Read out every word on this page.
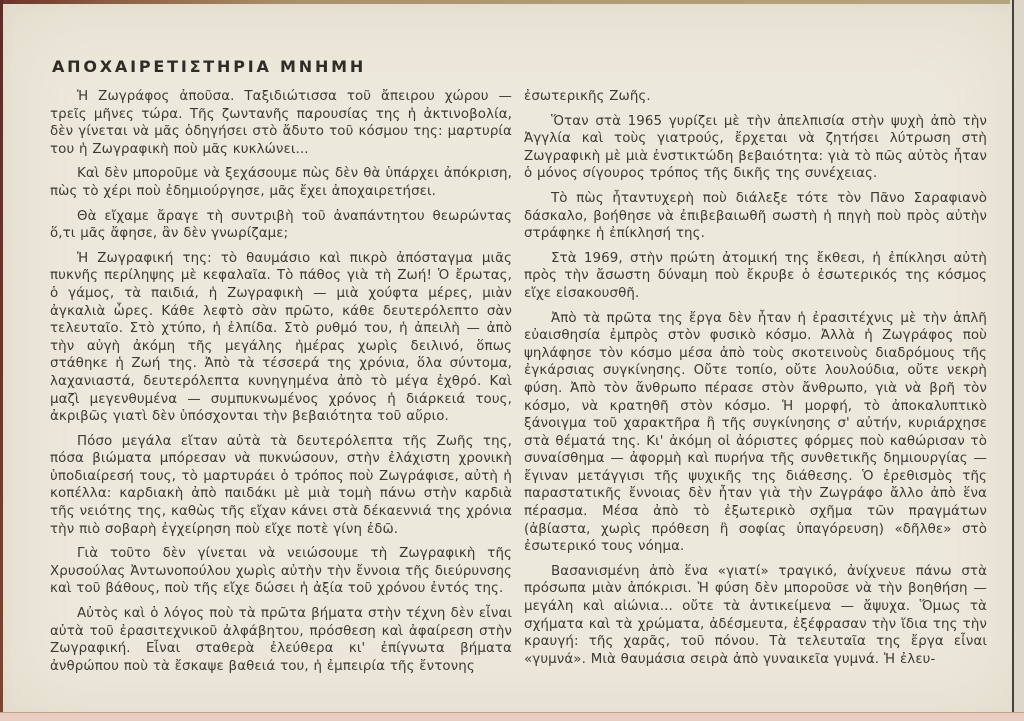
ΑΠΟΧΑΙΡΕΤΙΣΤΗΡΙΑ ΜΝΗΜΗ

Ἡ Ζωγράφος ἀποῦσα. Ταξιδιώτισσα τοῦ ἄπειρου χώρου — τρεῖς μῆνες τώρα. Τῆς ζωντανῆς παρουσίας της ἡ ἀκτινοβολία, δὲν γίνεται νὰ μᾶς ὁδηγήσει στὸ ἄδυτο τοῦ κόσμου της: μαρτυρία του ἡ Ζωγραφικὴ ποὺ μᾶς κυκλώνει...

Καὶ δὲν μποροῦμε νὰ ξεχάσουμε πὼς δὲν θὰ ὑπάρχει ἀπόκριση, πὼς τὸ χέρι ποὺ ἐδημιούργησε, μᾶς ἔχει ἀποχαιρετήσει.

Θὰ εἴχαμε ἄραγε τὴ συντριβὴ τοῦ ἀναπάντητου θεωρώντας ὅ,τι μᾶς ἄφησε, ἂν δὲν γνωρίζαμε;

Ἡ Ζωγραφική της: τὸ θαυμάσιο καὶ πικρὸ ἀπόσταγμα μιᾶς πυκνῆς περίληψης μὲ κεφαλαῖα. Τὸ πάθος γιὰ τὴ Ζωή! Ὁ ἔρωτας, ὁ γάμος, τὰ παιδιά, ἡ Ζωγραφικὴ — μιὰ χούφτα μέρες, μιὰν ἀγκαλιὰ ὧρες. Κάθε λεφτὸ σὰν πρῶτο, κάθε δευτερόλεπτο σὰν τελευταῖο. Στὸ χτύπο, ἡ ἐλπίδα. Στὸ ρυθμό του, ἡ ἀπειλὴ — ἀπὸ τὴν αὐγὴ ἀκόμη τῆς μεγάλης ἡμέρας χωρὶς δειλινό, ὅπως στάθηκε ἡ Ζωή της. Ἀπὸ τὰ τέσσερά της χρόνια, ὅλα σύντομα, λαχανιαστά, δευτερόλεπτα κυνηγημένα ἀπὸ τὸ μέγα ἐχθρό. Καὶ μαζὶ μεγενθυμένα — συμπυκνωμένος χρόνος ἡ διάρκειά τους, ἀκριβῶς γιατὶ δὲν ὑπόσχονται τὴν βεβαιότητα τοῦ αὔριο.

Πόσο μεγάλα εἴταν αὐτὰ τὰ δευτερόλεπτα τῆς Ζωῆς της, πόσα βιώματα μπόρεσαν νὰ πυκνώσουν, στὴν ἐλάχιστη χρονικὴ ὑποδιαίρεσή τους, τὸ μαρτυράει ὁ τρόπος ποὺ Ζωγράφισε, αὐτὴ ἡ κοπέλλα: καρδιακὴ ἀπὸ παιδάκι μὲ μιὰ τομὴ πάνω στὴν καρδιὰ τῆς νειότης της, καθὼς τῆς εἴχαν κάνει στὰ δέκαεννιά της χρόνια τὴν πιὸ σοβαρὴ ἐγχείρηση ποὺ εἴχε ποτὲ γίνη ἐδῶ.

Γιὰ τοῦτο δὲν γίνεται νὰ νειώσουμε τὴ Ζωγραφικὴ τῆς Χρυσούλας Ἀντωνοπούλου χωρὶς αὐτὴν τὴν ἔννοια τῆς διεύρυνσης καὶ τοῦ βάθους, ποὺ τῆς εἴχε δώσει ἡ ἀξία τοῦ χρόνου ἐντός της.

Αὐτὸς καὶ ὁ λόγος ποὺ τὰ πρῶτα βήματα στὴν τέχνη δὲν εἶναι αὐτὰ τοῦ ἐρασιτεχνικοῦ ἀλφάβητου, πρόσθεση καὶ ἀφαίρεση στὴν Ζωγραφική. Εἶναι σταθερὰ ἐλεύθερα κι' ἐπίγνωτα βήματα ἀνθρώπου ποὺ τὰ ἔσκαψε βαθειά του, ἡ ἐμπειρία τῆς ἔντονης

ἐσωτερικῆς Ζωῆς.

Ὅταν στὰ 1965 γυρίζει μὲ τὴν ἀπελπισία στὴν ψυχὴ ἀπὸ τὴν Ἀγγλία καὶ τοὺς γιατρούς, ἔρχεται νὰ ζητήσει λύτρωση στὴ Ζωγραφικὴ μὲ μιὰ ἐνστικτώδη βεβαιότητα: γιὰ τὸ πῶς αὐτὸς ἦταν ὁ μόνος σίγουρος τρόπος τῆς δικῆς της συνέχειας.

Τὸ πὼς ἦταντυχερὴ ποὺ διάλεξε τότε τὸν Πᾶνο Σαραφιανὸ δάσκαλο, βοήθησε νὰ ἐπιβεβαιωθῆ σωστὴ ἡ πηγὴ ποὺ πρὸς αὐτὴν στράφηκε ἡ ἐπίκλησή της.

Στὰ 1969, στὴν πρώτη ἀτομική της ἔκθεσι, ἡ ἐπίκλησι αὐτὴ πρὸς τὴν ἄσωστη δύναμη ποὺ ἔκρυβε ὁ ἐσωτερικός της κόσμος εἴχε εἰσακουσθῆ.

Ἀπὸ τὰ πρῶτα της ἔργα δὲν ἦταν ἡ ἐρασιτέχνις μὲ τὴν ἁπλῆ εὐαισθησία ἐμπρὸς στὸν φυσικὸ κόσμο. Ἀλλὰ ἡ Ζωγράφος ποὺ ψηλάφησε τὸν κόσμο μέσα ἀπὸ τοὺς σκοτεινοὺς διαδρόμους τῆς ἐγκάρσιας συγκίνησης. Οὔτε τοπίο, οὔτε λουλούδια, οὔτε νεκρὴ φύση. Ἀπὸ τὸν ἄνθρωπο πέρασε στὸν ἄνθρωπο, γιὰ νὰ βρῆ τὸν κόσμο, νὰ κρατηθῆ στὸν κόσμο. Ἡ μορφή, τὸ ἀποκαλυπτικὸ ξάνοιγμα τοῦ χαρακτῆρα ἢ τῆς συγκίνησης σ' αὐτήν, κυριάρχησε στὰ θέματά της. Κι' ἀκόμη οἱ ἀόριστες φόρμες ποὺ καθώρισαν τὸ συναίσθημα — ἀφορμὴ καὶ πυρήνα τῆς συνθετικῆς δημιουργίας — ἔγιναν μετάγγισι τῆς ψυχικῆς της διάθεσης. Ὁ ἐρεθισμὸς τῆς παραστατικῆς ἔννοιας δὲν ἦταν γιὰ τὴν Ζωγράφο ἄλλο ἀπὸ ἕνα πέρασμα. Μέσα ἀπὸ τὸ ἐξωτερικὸ σχῆμα τῶν πραγμάτων (ἀβίαστα, χωρὶς πρόθεση ἢ σοφίας ὑπαγόρευση) «δῆλθε» στὸ ἐσωτερικό τους νόημα.

Βασανισμένη ἀπὸ ἕνα «γιατί» τραγικό, ἀνίχνευε πάνω στὰ πρόσωπα μιὰν ἀπόκρισι. Ἡ φύση δὲν μποροῦσε νὰ τὴν βοηθήση — μεγάλη καὶ αἰώνια... οὔτε τὰ ἀντικείμενα — ἄψυχα. Ὅμως τὰ σχήματα καὶ τὰ χρώματα, ἀδέσμευτα, ἐξέφρασαν τὴν ἴδια της τὴν κραυγή: τῆς χαρᾶς, τοῦ πόνου. Τὰ τελευταῖα της ἔργα εἶναι «γυμνά». Μιὰ θαυμάσια σειρὰ ἀπὸ γυναικεῖα γυμνά. Ἡ ἐλευ-
